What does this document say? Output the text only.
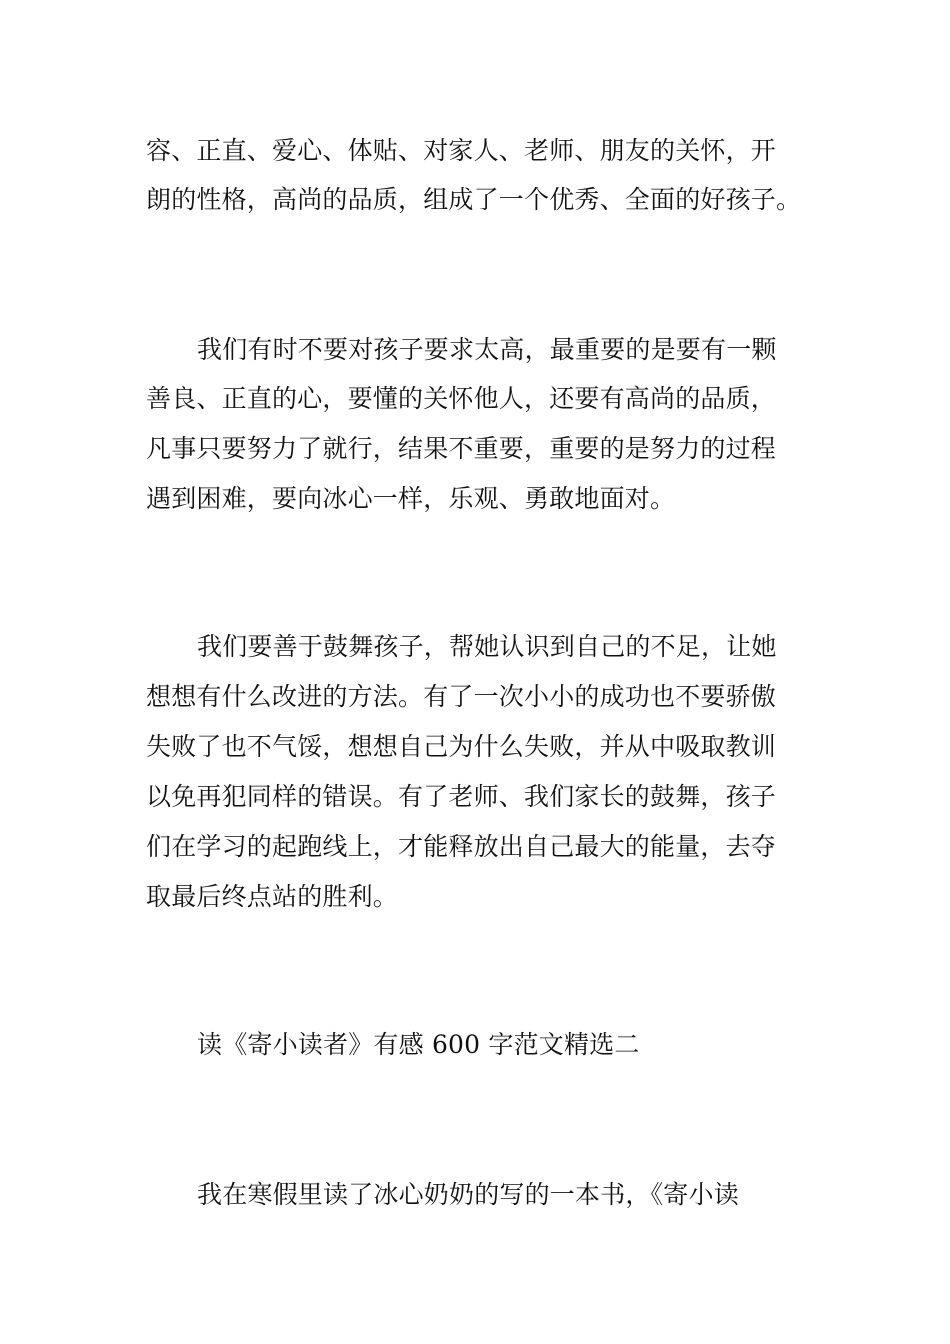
容、正直、爱心、体贴、对家人、老师、朋友的关怀，开
朗的性格，高尚的品质，组成了一个优秀、全面的好孩子。
我们有时不要对孩子要求太高，最重要的是要有一颗
善良、正直的心，要懂的关怀他人，还要有高尚的品质，
凡事只要努力了就行，结果不重要，重要的是努力的过程
遇到困难，要向冰心一样，乐观、勇敢地面对。
我们要善于鼓舞孩子，帮她认识到自己的不足，让她
想想有什么改进的方法。有了一次小小的成功也不要骄傲
失败了也不气馁，想想自己为什么失败，并从中吸取教训
以免再犯同样的错误。有了老师、我们家长的鼓舞，孩子
们在学习的起跑线上，才能释放出自己最大的能量，去夺
取最后终点站的胜利。
读《寄小读者》有感 600 字范文精选二
我在寒假里读了冰心奶奶的写的一本书，《寄小读
